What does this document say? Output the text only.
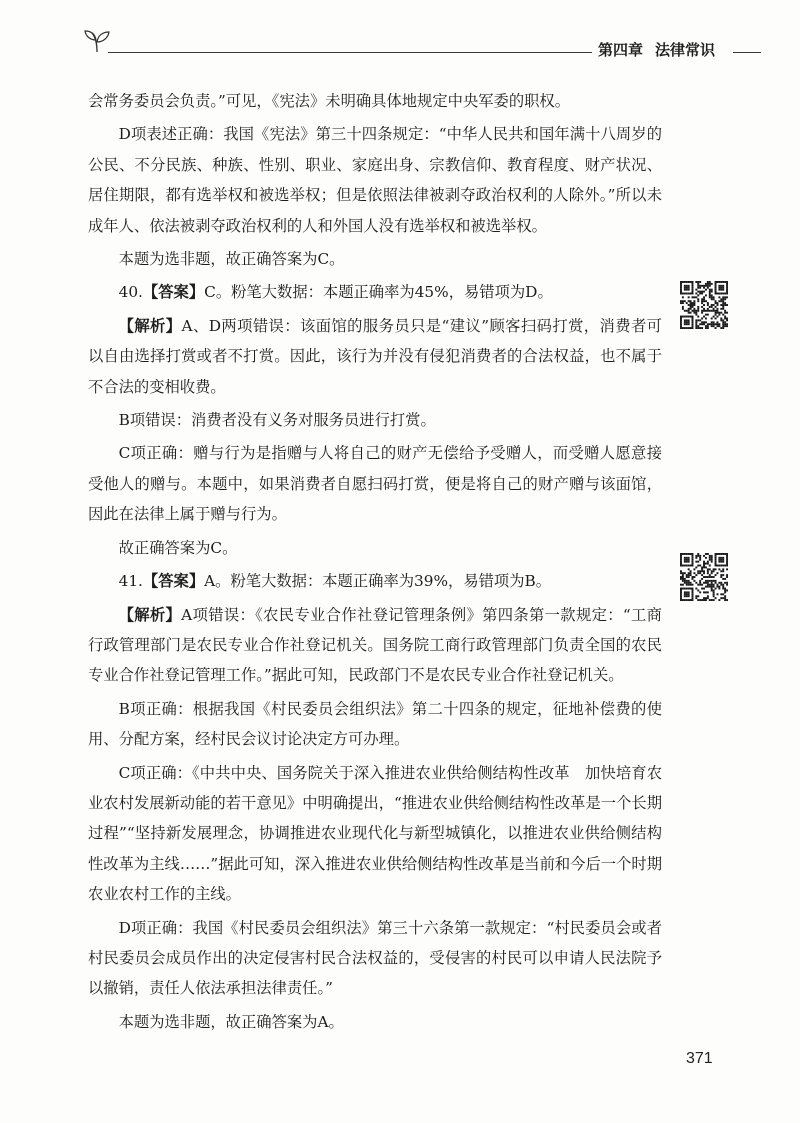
第四章 法律常识

会常务委员会负责。”可见，《宪法》未明确具体地规定中央军委的职权。

D项表述正确：我国《宪法》第三十四条规定：“中华人民共和国年满十八周岁的公民、不分民族、种族、性别、职业、家庭出身、宗教信仰、教育程度、财产状况、居住期限，都有选举权和被选举权；但是依照法律被剥夺政治权利的人除外。”所以未成年人、依法被剥夺政治权利的人和外国人没有选举权和被选举权。

本题为选非题，故正确答案为C。

40.【答案】C。粉笔大数据：本题正确率为45%，易错项为D。

【解析】A、D两项错误：该面馆的服务员只是“建议”顾客扫码打赏，消费者可以自由选择打赏或者不打赏。因此，该行为并没有侵犯消费者的合法权益，也不属于不合法的变相收费。

B项错误：消费者没有义务对服务员进行打赏。

C项正确：赠与行为是指赠与人将自己的财产无偿给予受赠人，而受赠人愿意接受他人的赠与。本题中，如果消费者自愿扫码打赏，便是将自己的财产赠与该面馆，因此在法律上属于赠与行为。

故正确答案为C。

41.【答案】A。粉笔大数据：本题正确率为39%，易错项为B。

【解析】A项错误：《农民专业合作社登记管理条例》第四条第一款规定：“工商行政管理部门是农民专业合作社登记机关。国务院工商行政管理部门负责全国的农民专业合作社登记管理工作。”据此可知，民政部门不是农民专业合作社登记机关。

B项正确：根据我国《村民委员会组织法》第二十四条的规定，征地补偿费的使用、分配方案，经村民会议讨论决定方可办理。

C项正确：《中共中央、国务院关于深入推进农业供给侧结构性改革　加快培育农业农村发展新动能的若干意见》中明确提出，“推进农业供给侧结构性改革是一个长期过程”“坚持新发展理念，协调推进农业现代化与新型城镇化，以推进农业供给侧结构性改革为主线……”据此可知，深入推进农业供给侧结构性改革是当前和今后一个时期农业农村工作的主线。

D项正确：我国《村民委员会组织法》第三十六条第一款规定：“村民委员会或者村民委员会成员作出的决定侵害村民合法权益的，受侵害的村民可以申请人民法院予以撤销，责任人依法承担法律责任。”

本题为选非题，故正确答案为A。

371
